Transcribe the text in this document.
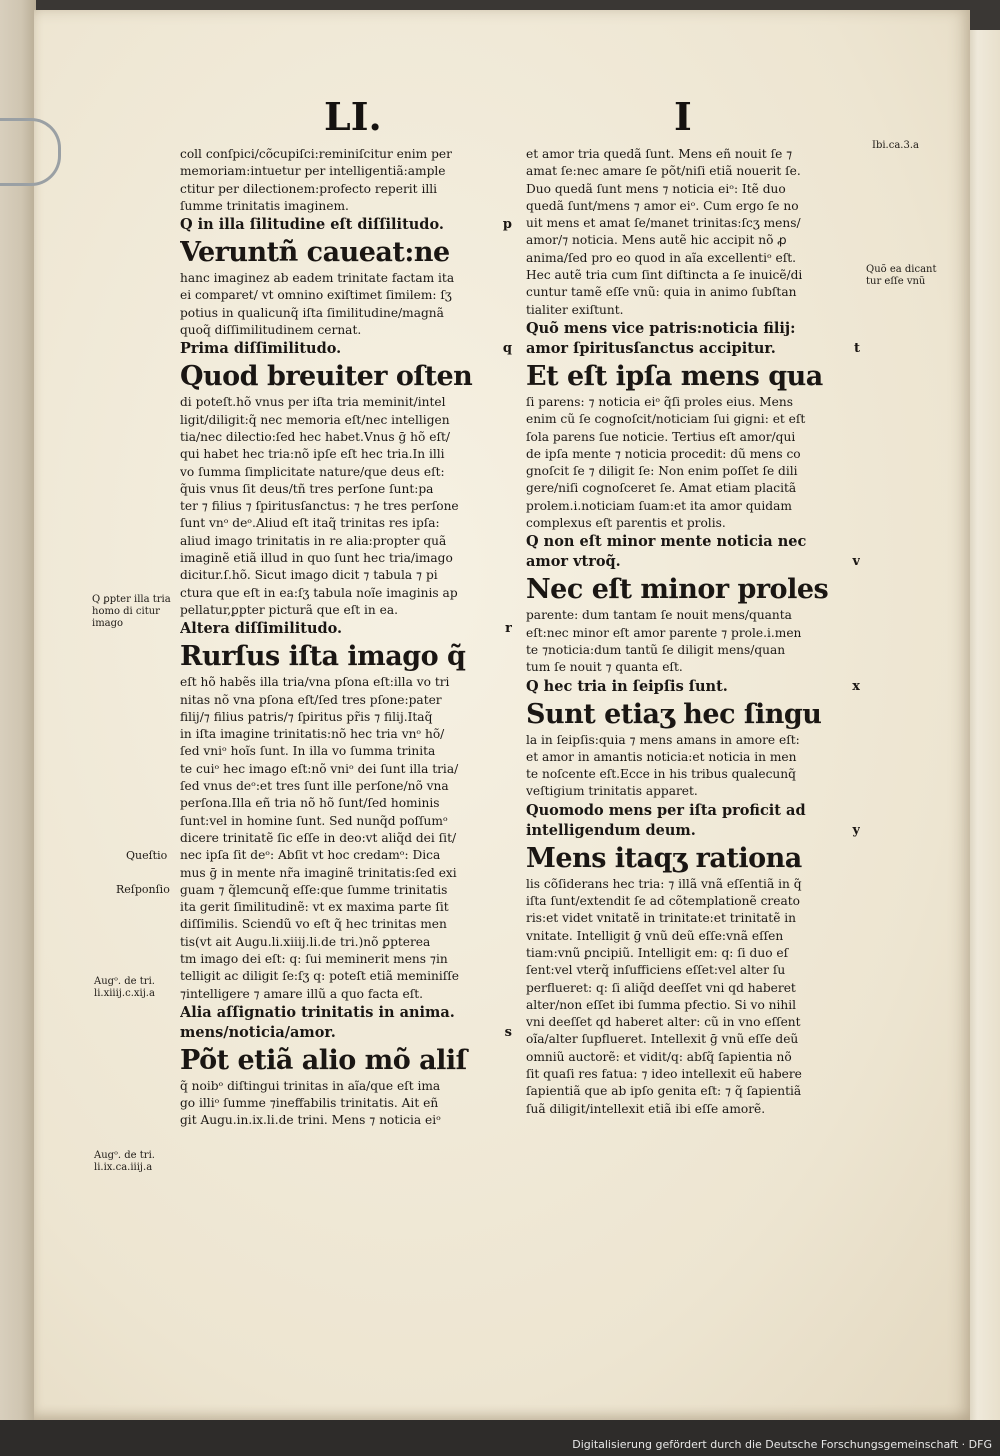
LI.	I
coll conſpici/cõcupiſci:reminiſcitur enim per
memoriam:intuetur per intelligentiã:ample
ctitur per dilectionem:profecto reperit illi
ſumme trinitatis imaginem.
p
Q in illa ſilitudine eſt diſſilitudo.
Veruntñ caueat:ne
hanc imaginez ab eadem trinitate factam ita
ei comparet/ vt omnino exiſtimet ſimilem: ſʒ
potius in qualicunq̃ iſta ſimilitudine/magnã
quoq̃ diſſimilitudinem cernat.
q
Prima diſſimilitudo.
Quod breuiter oſten
di poteſt.hõ vnus per iſta tria meminit/intel
ligit/diligit:q̃ nec memoria eſt/nec intelligen
tia/nec dilectio:ſed hec habet.Vnus ḡ hõ eſt/
qui habet hec tria:nõ ipſe eſt hec tria.In illi
vo ſumma ſimplicitate nature/que deus eſt:
q̃uis vnus ſit deus/tñ tres perſone ſunt:pa
ter ⁊ filius ⁊ ſpiritusſanctus: ⁊ he tres perſone
ſunt vnᵒ deᵒ.Aliud eſt itaq̃ trinitas res ipſa:
aliud imago trinitatis in re alia:propter quã
imaginẽ etiã illud in quo ſunt hec tria/imago
dicitur.ſ.hõ. Sicut imago dicit ⁊ tabula ⁊ pi
ctura que eſt in ea:ſʒ tabula noĩe imaginis ap
pellatur,ꝑpter picturã que eſt in ea.
r
Altera diſſimilitudo.
Rurſus iſta imago q̃
eſt hõ habẽs illa tria/vna pſona eſt:illa vo tri
nitas nõ vna pſona eſt/ſed tres pſone:pater
filij/⁊ filius patris/⁊ ſpiritus pr̃is ⁊ filij.Itaq̃
in iſta imagine trinitatis:nõ hec tria vnᵒ hõ/
ſed vniᵒ hoĩs ſunt. In illa vo ſumma trinita
te cuiᵒ hec imago eſt:nõ vniᵒ dei ſunt illa tria/
ſed vnus deᵒ:et tres ſunt ille perſone/nõ vna
perſona.Illa eñ tria nõ hõ ſunt/ſed hominis
ſunt:vel in homine ſunt. Sed nunq̃d poſſumᵒ
dicere trinitatẽ ſic eſſe in deo:vt aliq̃d dei ſit/
nec ipſa ſit deᵒ: Abſit vt hoc credamᵒ: Dica
mus ḡ in mente nr̃a imaginẽ trinitatis:ſed exi
guam ⁊ q̃lemcunq̃ eſſe:que ſumme trinitatis
ita gerit ſimilitudinẽ: vt ex maxima parte ſit
diſſimilis. Sciendũ vo eſt q̃ hec trinitas men
tis(vt ait Augu.li.xiiij.li.de tri.)nõ ꝑpterea
tm imago dei eſt: q: ſui meminerit mens ⁊in
telligit ac diligit ſe:ſʒ q: poteſt etiã meminiſſe
⁊intelligere ⁊ amare illũ a quo facta eſt.
Alia aſſignatio trinitatis in anima.
s
mens/noticia/amor.
Põt etiã alio mõ aliſ
q̃ noibᵒ diſtingui trinitas in aĩa/que eſt ima
go illiᵒ ſumme ⁊ineffabilis trinitatis. Ait eñ
git Augu.in.ix.li.de trini. Mens ⁊ noticia eiᵒ
et amor tria quedã ſunt. Mens eñ nouit ſe ⁊
amat ſe:nec amare ſe põt/niſi etiã nouerit ſe.
Duo quedã ſunt mens ⁊ noticia eiᵒ: Itẽ duo
quedã ſunt/mens ⁊ amor eiᵒ. Cum ergo ſe no
uit mens et amat ſe/manet trinitas:ſcʒ mens/
amor/⁊ noticia. Mens autẽ hic accipit nõ ꝓ
anima/ſed pro eo quod in aĩa excellentiᵒ eſt.
Hec autẽ tria cum ſint diſtincta a ſe inuicẽ/di
cuntur tamẽ eſſe vnũ: quia in animo ſubſtan
tialiter exiſtunt.
Quõ mens vice patris:noticia filij:
t
amor ſpiritusſanctus accipitur.
Et eſt ipſa mens qua
ſi parens: ⁊ noticia eiᵒ q̃ſi proles eius. Mens
enim cũ ſe cognoſcit/noticiam ſui gigni: et eſt
ſola parens ſue noticie. Tertius eſt amor/qui
de ipſa mente ⁊ noticia procedit: dũ mens co
gnoſcit ſe ⁊ diligit ſe: Non enim poſſet ſe dili
gere/niſi cognoſceret ſe. Amat etiam placitã
prolem.i.noticiam ſuam:et ita amor quidam
complexus eſt parentis et prolis.
Q non eſt minor mente noticia nec
v
amor vtroq̃.
Nec eſt minor proles
parente: dum tantam ſe nouit mens/quanta
eſt:nec minor eſt amor parente ⁊ prole.i.men
te ⁊noticia:dum tantũ ſe diligit mens/quan
tum ſe nouit ⁊ quanta eſt.
x
Q hec tria in ſeipſis ſunt.
Sunt etiaʒ hec ſingu
la in ſeipſis:quia ⁊ mens amans in amore eſt:
et amor in amantis noticia:et noticia in men
te noſcente eſt.Ecce in his tribus qualecunq̃
veſtigium trinitatis apparet.
Quomodo mens per iſta proficit ad
y
intelligendum deum.
Mens itaqʒ rationa
lis cõſiderans hec tria: ⁊ illã vnã eſſentiã in q̃
iſta ſunt/extendit ſe ad cõtemplationẽ creato
ris:et videt vnitatẽ in trinitate:et trinitatẽ in
vnitate. Intelligit ḡ vnũ deũ eſſe:vnã eſſen
tiam:vnũ ꝑncipiũ. Intelligit em: q: ſi duo eſ
ſent:vel vterq̃ inſufficiens eſſet:vel alter ſu
perflueret: q: ſi aliq̃d deeſſet vni qd haberet
alter/non eſſet ibi ſumma pfectio. Si vo nihil
vni deeſſet qd haberet alter: cũ in vno eſſent
oĩa/alter ſupflueret. Intellexit ḡ vnũ eſſe deũ
omniũ auctorẽ: et vidit/q: abſq̃ ſapientia nõ
ſit quaſi res fatua: ⁊ ideo intellexit eũ habere
ſapientiã que ab ipſo genita eſt: ⁊ q̃ ſapientiã
ſuã diligit/intellexit etiã ibi eſſe amorẽ.
Q ꝑpter illa tria homo di citur imago
Queſtio
Reſponſio
Augᵒ. de tri. li.xiiij.c.xij.a
Augᵒ. de tri. li.ix.ca.iiij.a
Ibi.ca.3.a
Quõ ea dicant tur eſſe vnũ
Digitalisierung gefördert durch die Deutsche Forschungsgemeinschaft · DFG
